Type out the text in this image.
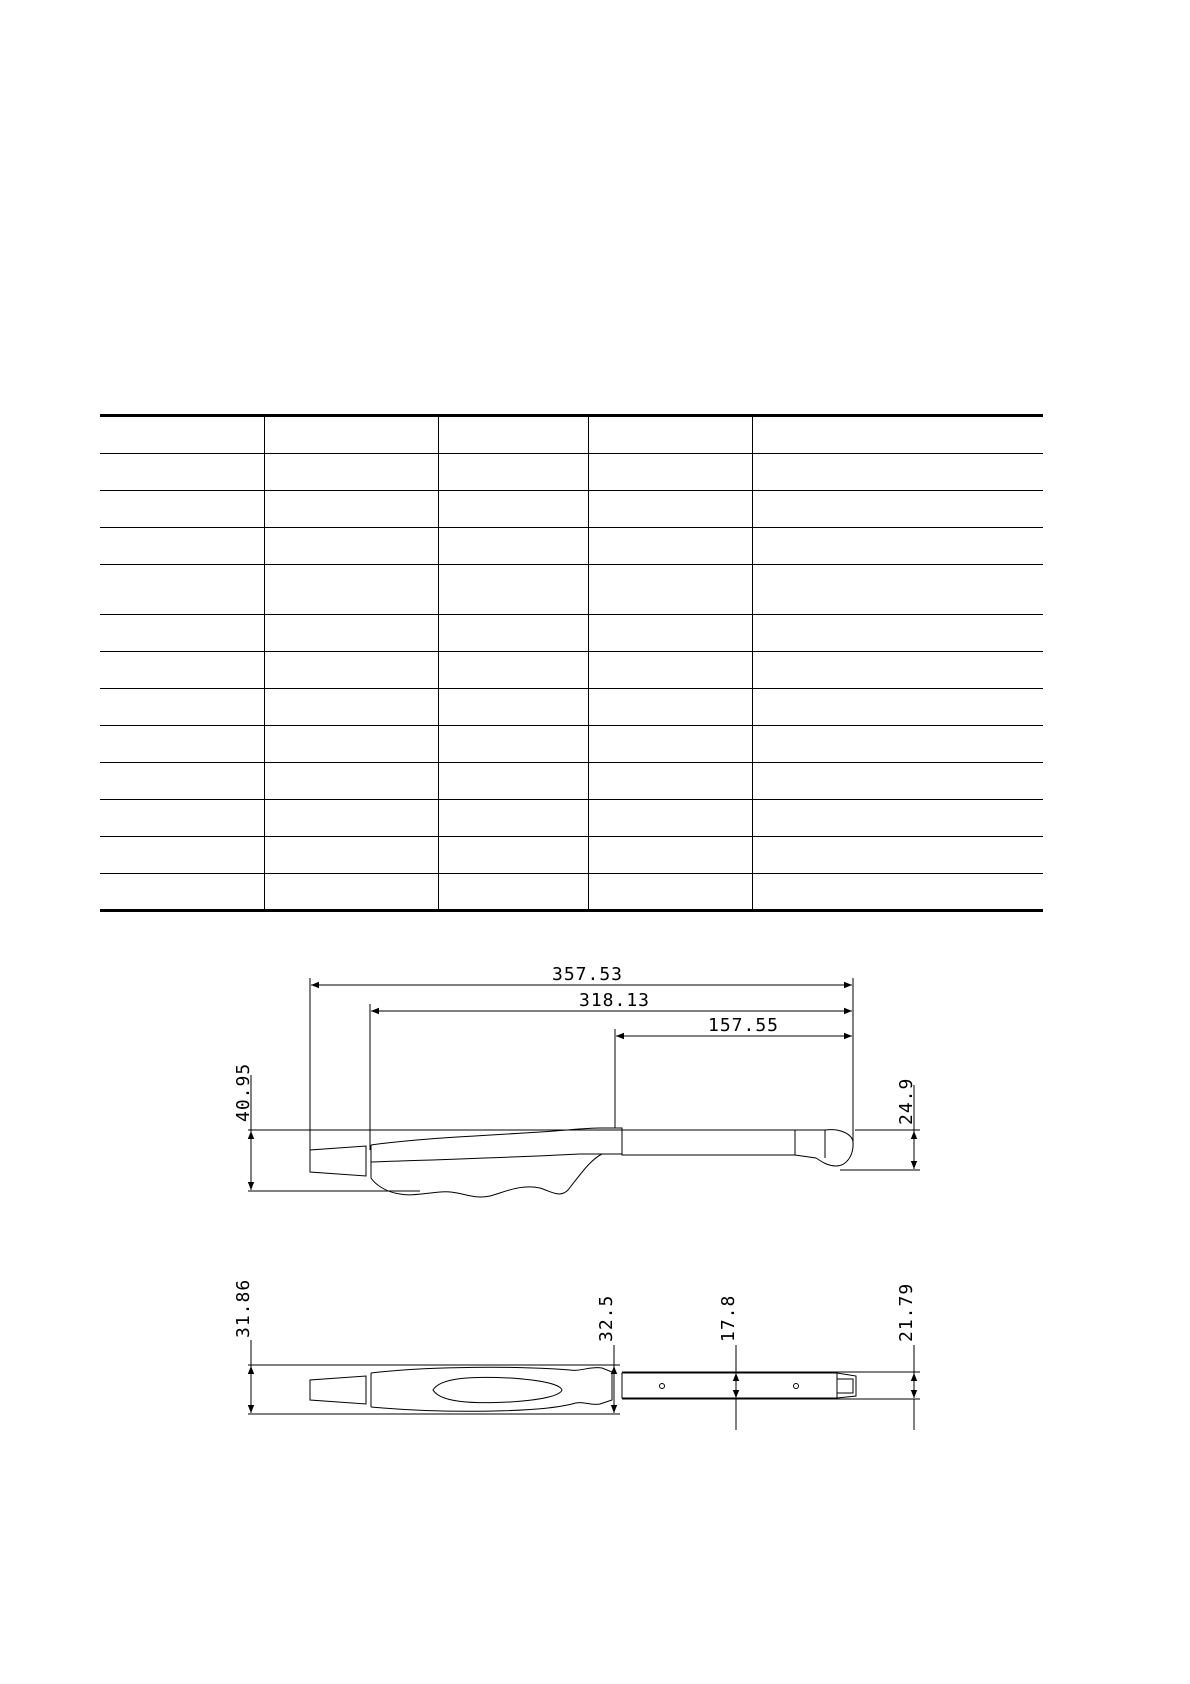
357.53
318.13
157.55
40.95	24.9
31.86	32.5	17.8	21.79
